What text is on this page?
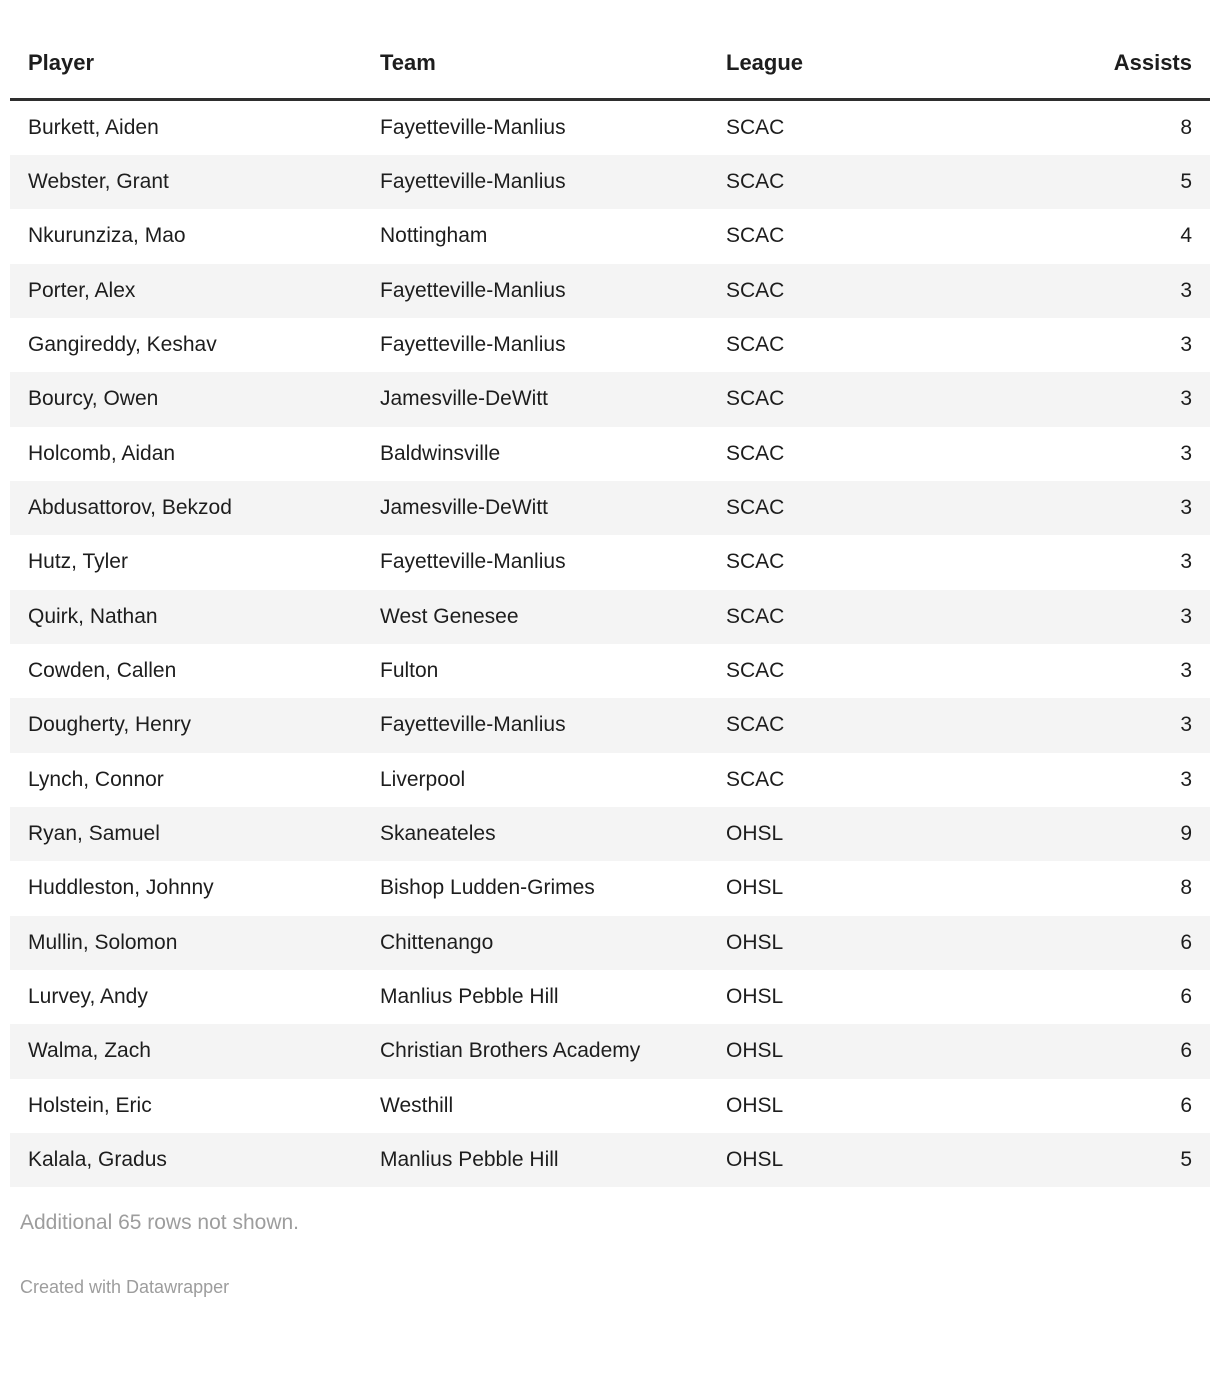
Player	Team	League	Assists
Burkett, Aiden	Fayetteville-Manlius	SCAC	8
Webster, Grant	Fayetteville-Manlius	SCAC	5
Nkurunziza, Mao	Nottingham	SCAC	4
Porter, Alex	Fayetteville-Manlius	SCAC	3
Gangireddy, Keshav	Fayetteville-Manlius	SCAC	3
Bourcy, Owen	Jamesville-DeWitt	SCAC	3
Holcomb, Aidan	Baldwinsville	SCAC	3
Abdusattorov, Bekzod	Jamesville-DeWitt	SCAC	3
Hutz, Tyler	Fayetteville-Manlius	SCAC	3
Quirk, Nathan	West Genesee	SCAC	3
Cowden, Callen	Fulton	SCAC	3
Dougherty, Henry	Fayetteville-Manlius	SCAC	3
Lynch, Connor	Liverpool	SCAC	3
Ryan, Samuel	Skaneateles	OHSL	9
Huddleston, Johnny	Bishop Ludden-Grimes	OHSL	8
Mullin, Solomon	Chittenango	OHSL	6
Lurvey, Andy	Manlius Pebble Hill	OHSL	6
Walma, Zach	Christian Brothers Academy	OHSL	6
Holstein, Eric	Westhill	OHSL	6
Kalala, Gradus	Manlius Pebble Hill	OHSL	5
Additional 65 rows not shown.
Created with Datawrapper
